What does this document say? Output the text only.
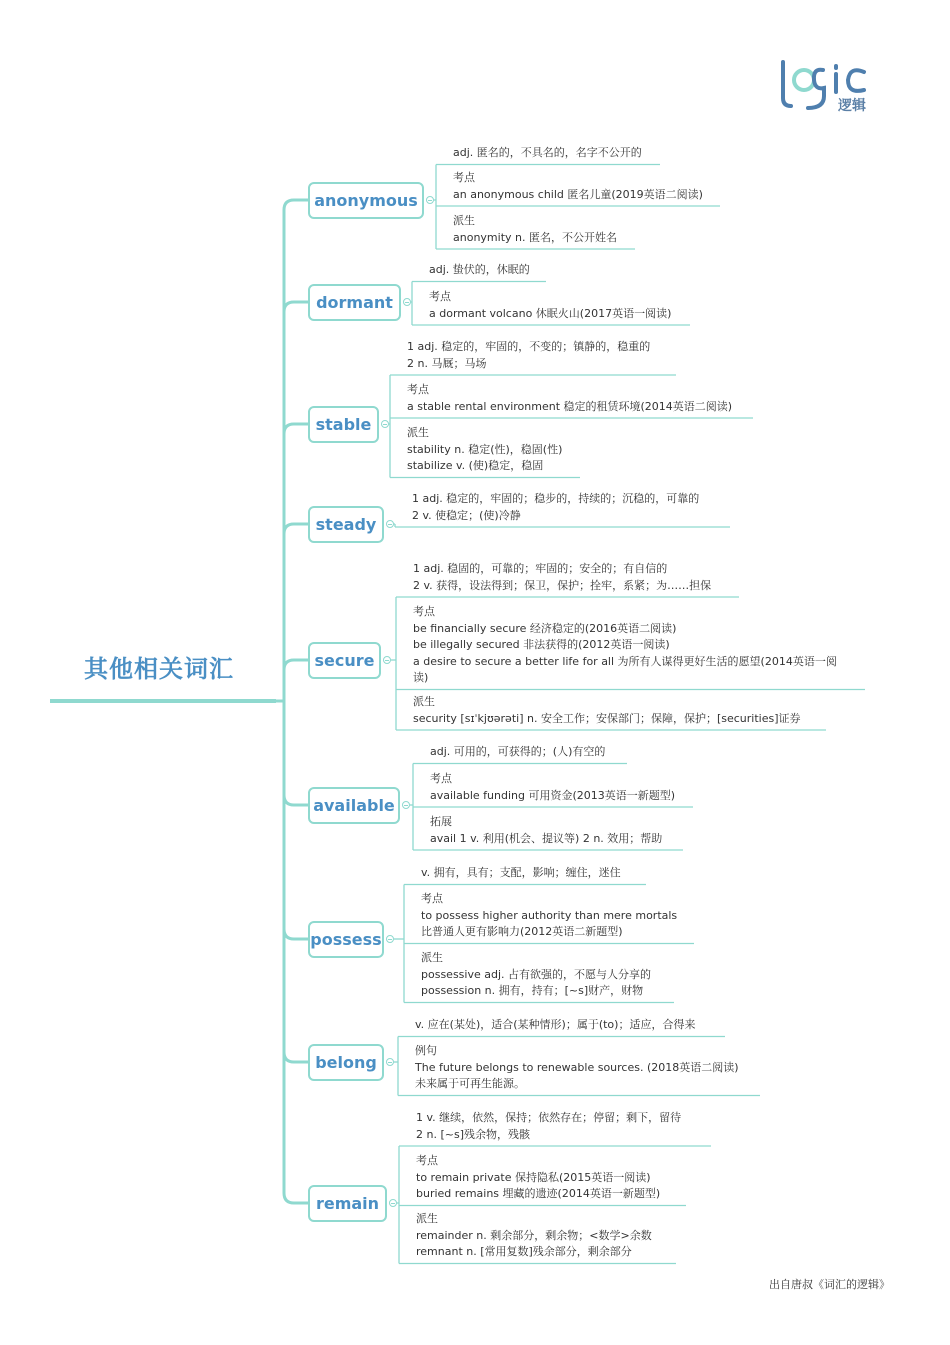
其他相关词汇
逻辑
anonymous
adj. 匿名的，不具名的，名字不公开的
考点
an anonymous child 匿名儿童(2019英语二阅读)
派生
anonymity n. 匿名，不公开姓名
dormant
adj. 蛰伏的，休眠的
考点
a dormant volcano 休眠火山(2017英语一阅读)
stable
1 adj. 稳定的，牢固的，不变的；镇静的，稳重的
2 n. 马厩；马场
考点
a stable rental environment 稳定的租赁环境(2014英语二阅读)
派生
stability n. 稳定(性)，稳固(性)
stabilize v. (使)稳定，稳固
steady
1 adj. 稳定的，牢固的；稳步的，持续的；沉稳的，可靠的
2 v. 使稳定；(使)冷静
secure
1 adj. 稳固的，可靠的；牢固的；安全的；有自信的
2 v. 获得，设法得到；保卫，保护；拴牢，系紧；为……担保
考点
be financially secure 经济稳定的(2016英语二阅读)
be illegally secured 非法获得的(2012英语一阅读)
a desire to secure a better life for all 为所有人谋得更好生活的愿望(2014英语一阅
读)
派生
security [sɪˈkjʊərəti] n. 安全工作；安保部门；保障，保护；[securities]证券
available
adj. 可用的，可获得的；(人)有空的
考点
available funding 可用资金(2013英语一新题型)
拓展
avail 1 v. 利用(机会、提议等) 2 n. 效用；帮助
possess
v. 拥有，具有；支配，影响；缠住，迷住
考点
to possess higher authority than mere mortals
比普通人更有影响力(2012英语二新题型)
派生
possessive adj. 占有欲强的，不愿与人分享的
possession n. 拥有，持有；[~s]财产，财物
belong
v. 应在(某处)，适合(某种情形)；属于(to)；适应，合得来
例句
The future belongs to renewable sources. (2018英语二阅读)
未来属于可再生能源。
remain
1 v. 继续，依然，保持；依然存在；停留；剩下，留待
2 n. [~s]残余物，残骸
考点
to remain private 保持隐私(2015英语一阅读)
buried remains 埋藏的遗迹(2014英语一新题型)
派生
remainder n. 剩余部分，剩余物；<数学>余数
remnant n. [常用复数]残余部分，剩余部分
出自唐叔《词汇的逻辑》
